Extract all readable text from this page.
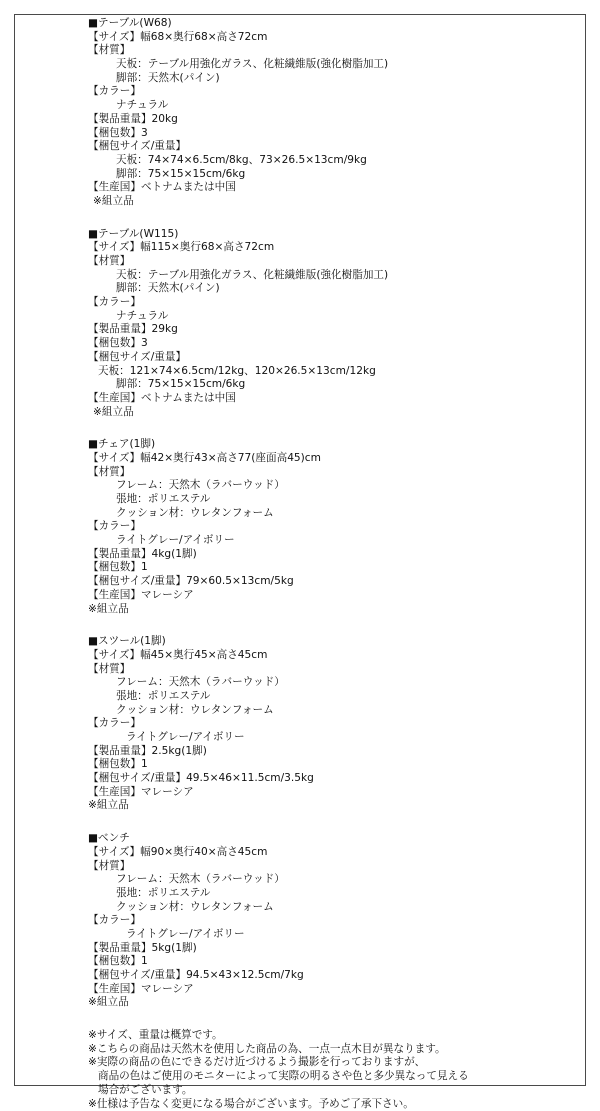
■テーブル(W68)
【サイズ】幅68×奥行68×高さ72cm
【材質】
天板：テーブル用強化ガラス、化粧繊維版(強化樹脂加工)
脚部：天然木(パイン)
【カラー】
ナチュラル
【製品重量】20kg
【梱包数】3
【梱包サイズ/重量】
天板：74×74×6.5cm/8kg、73×26.5×13cm/9kg
脚部：75×15×15cm/6kg
【生産国】ベトナムまたは中国
※組立品
■テーブル(W115)
【サイズ】幅115×奥行68×高さ72cm
【材質】
天板：テーブル用強化ガラス、化粧繊維版(強化樹脂加工)
脚部：天然木(パイン)
【カラー】
ナチュラル
【製品重量】29kg
【梱包数】3
【梱包サイズ/重量】
天板：121×74×6.5cm/12kg、120×26.5×13cm/12kg
脚部：75×15×15cm/6kg
【生産国】ベトナムまたは中国
※組立品
■チェア(1脚)
【サイズ】幅42×奥行43×高さ77(座面高45)cm
【材質】
フレーム：天然木（ラバーウッド）
張地：ポリエステル
クッション材：ウレタンフォーム
【カラー】
ライトグレー/アイボリー
【製品重量】4kg(1脚)
【梱包数】1
【梱包サイズ/重量】79×60.5×13cm/5kg
【生産国】マレーシア
※組立品
■スツール(1脚)
【サイズ】幅45×奥行45×高さ45cm
【材質】
フレーム：天然木（ラバーウッド）
張地：ポリエステル
クッション材：ウレタンフォーム
【カラー】
ライトグレー/アイボリー
【製品重量】2.5kg(1脚)
【梱包数】1
【梱包サイズ/重量】49.5×46×11.5cm/3.5kg
【生産国】マレーシア
※組立品
■ベンチ
【サイズ】幅90×奥行40×高さ45cm
【材質】
フレーム：天然木（ラバーウッド）
張地：ポリエステル
クッション材：ウレタンフォーム
【カラー】
ライトグレー/アイボリー
【製品重量】5kg(1脚)
【梱包数】1
【梱包サイズ/重量】94.5×43×12.5cm/7kg
【生産国】マレーシア
※組立品
※サイズ、重量は概算です。
※こちらの商品は天然木を使用した商品の為、一点一点木目が異なります。
※実際の商品の色にできるだけ近づけるよう撮影を行っておりますが、
商品の色はご使用のモニターによって実際の明るさや色と多少異なって見える
場合がございます。
※仕様は予告なく変更になる場合がございます。予めご了承下さい。
